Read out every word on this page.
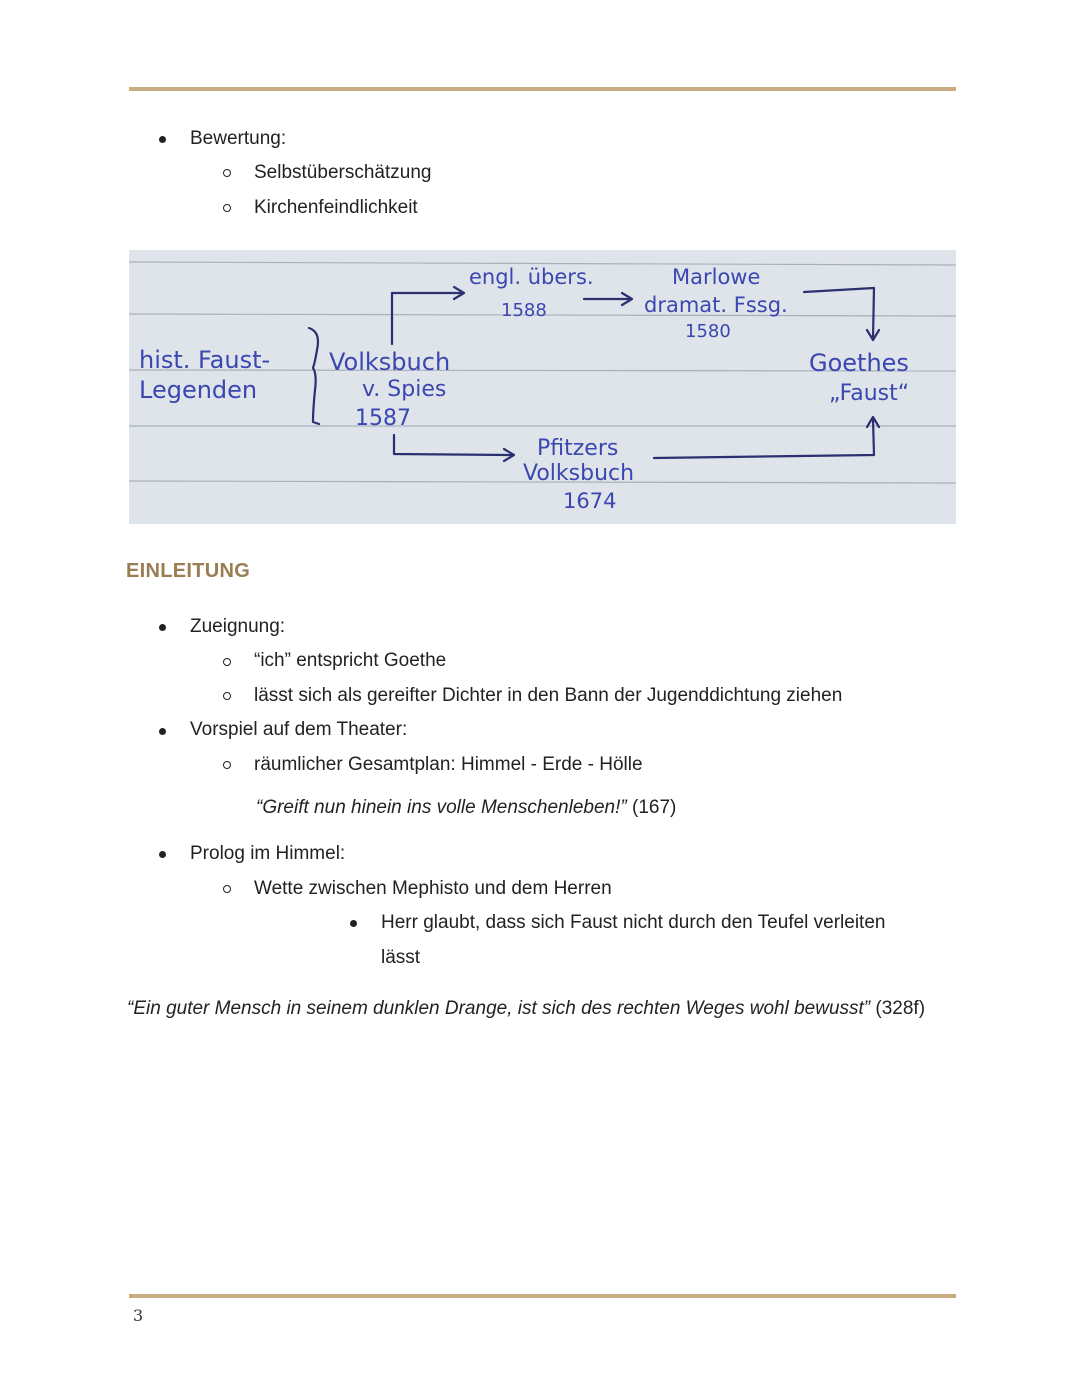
Bewertung:
Selbstüberschätzung
Kirchenfeindlichkeit
hist. Faust-
Legenden
Volksbuch
v. Spies
1587
engl. übers.
1588
Marlowe
dramat. Fssg.
1580
Pfitzers
Volksbuch
1674
Goethes
„Faust“
EINLEITUNG
Zueignung:
“ich” entspricht Goethe
lässt sich als gereifter Dichter in den Bann der Jugenddichtung ziehen
Vorspiel auf dem Theater:
räumlicher Gesamtplan: Himmel - Erde - Hölle
“Greift nun hinein ins volle Menschenleben!” (167)
Prolog im Himmel:
Wette zwischen Mephisto und dem Herren
Herr glaubt, dass sich Faust nicht durch den Teufel verleiten
lässt
“Ein guter Mensch in seinem dunklen Drange, ist sich des rechten Weges wohl bewusst” (328f)
3
